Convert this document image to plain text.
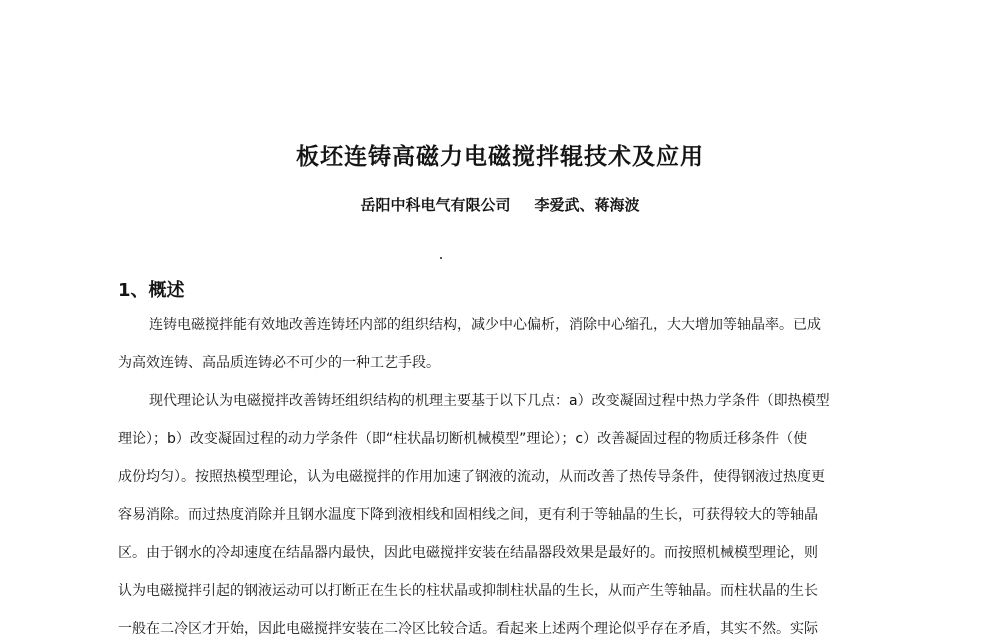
板坯连铸高磁力电磁搅拌辊技术及应用
岳阳中科电气有限公司 李爱武、蒋海波
1、概述
连铸电磁搅拌能有效地改善连铸坯内部的组织结构，减少中心偏析，消除中心缩孔，大大增加等轴晶率。已成
为高效连铸、高品质连铸必不可少的一种工艺手段。
现代理论认为电磁搅拌改善铸坯组织结构的机理主要基于以下几点：a）改变凝固过程中热力学条件（即热模型
理论）；b）改变凝固过程的动力学条件（即“柱状晶切断机械模型”理论）；c）改善凝固过程的物质迁移条件（使
成份均匀）。按照热模型理论，认为电磁搅拌的作用加速了钢液的流动，从而改善了热传导条件，使得钢液过热度更
容易消除。而过热度消除并且钢水温度下降到液相线和固相线之间，更有利于等轴晶的生长，可获得较大的等轴晶
区。由于钢水的冷却速度在结晶器内最快，因此电磁搅拌安装在结晶器段效果是最好的。而按照机械模型理论，则
认为电磁搅拌引起的钢液运动可以打断正在生长的柱状晶或抑制柱状晶的生长，从而产生等轴晶。而柱状晶的生长
一般在二冷区才开始，因此电磁搅拌安装在二冷区比较合适。看起来上述两个理论似乎存在矛盾，其实不然。实际
